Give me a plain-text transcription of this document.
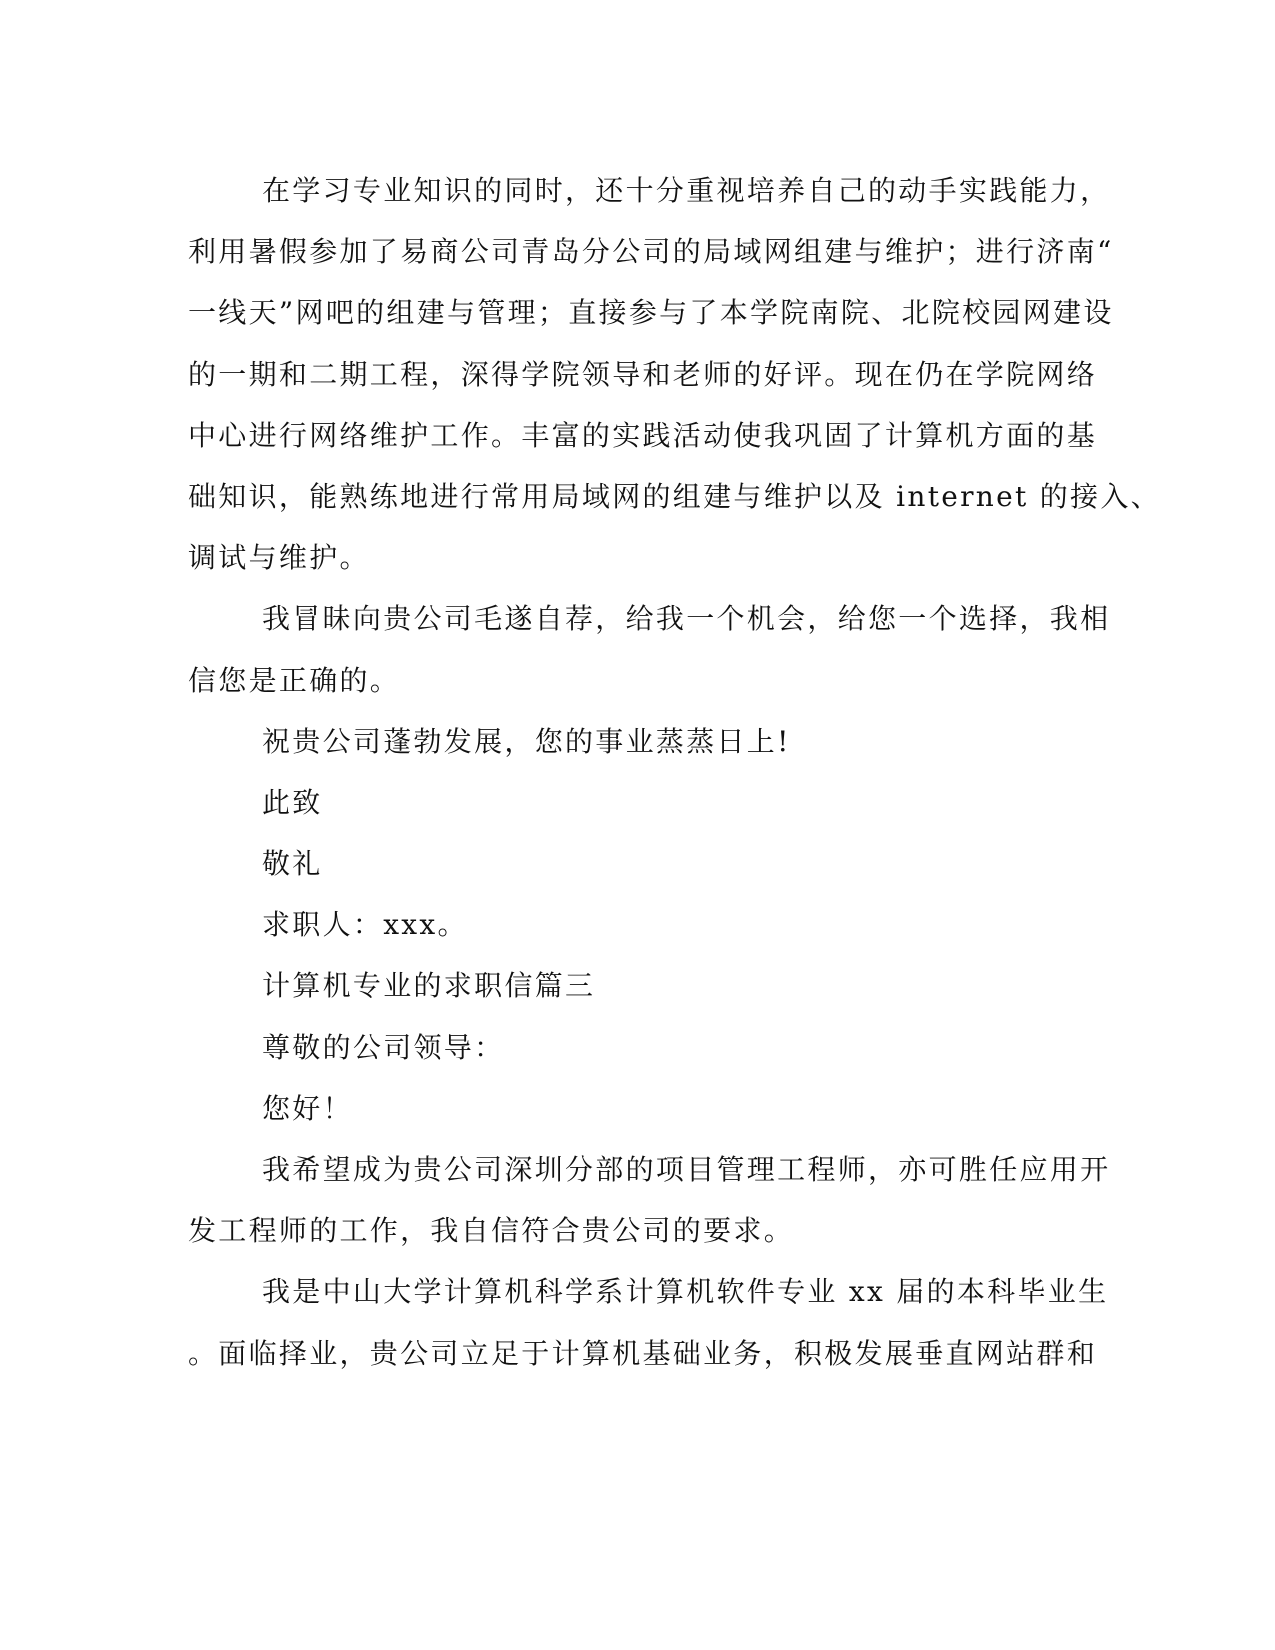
在学习专业知识的同时，还十分重视培养自己的动手实践能力，
利用暑假参加了易商公司青岛分公司的局域网组建与维护；进行济南“
一线天”网吧的组建与管理；直接参与了本学院南院、北院校园网建设
的一期和二期工程，深得学院领导和老师的好评。现在仍在学院网络
中心进行网络维护工作。丰富的实践活动使我巩固了计算机方面的基
础知识，能熟练地进行常用局域网的组建与维护以及 internet 的接入、
调试与维护。
我冒昧向贵公司毛遂自荐，给我一个机会，给您一个选择，我相
信您是正确的。
祝贵公司蓬勃发展，您的事业蒸蒸日上!
此致
敬礼
求职人：xxx。
计算机专业的求职信篇三
尊敬的公司领导：
您好！
我希望成为贵公司深圳分部的项目管理工程师，亦可胜任应用开
发工程师的工作，我自信符合贵公司的要求。
我是中山大学计算机科学系计算机软件专业 xx 届的本科毕业生
。面临择业，贵公司立足于计算机基础业务，积极发展垂直网站群和
